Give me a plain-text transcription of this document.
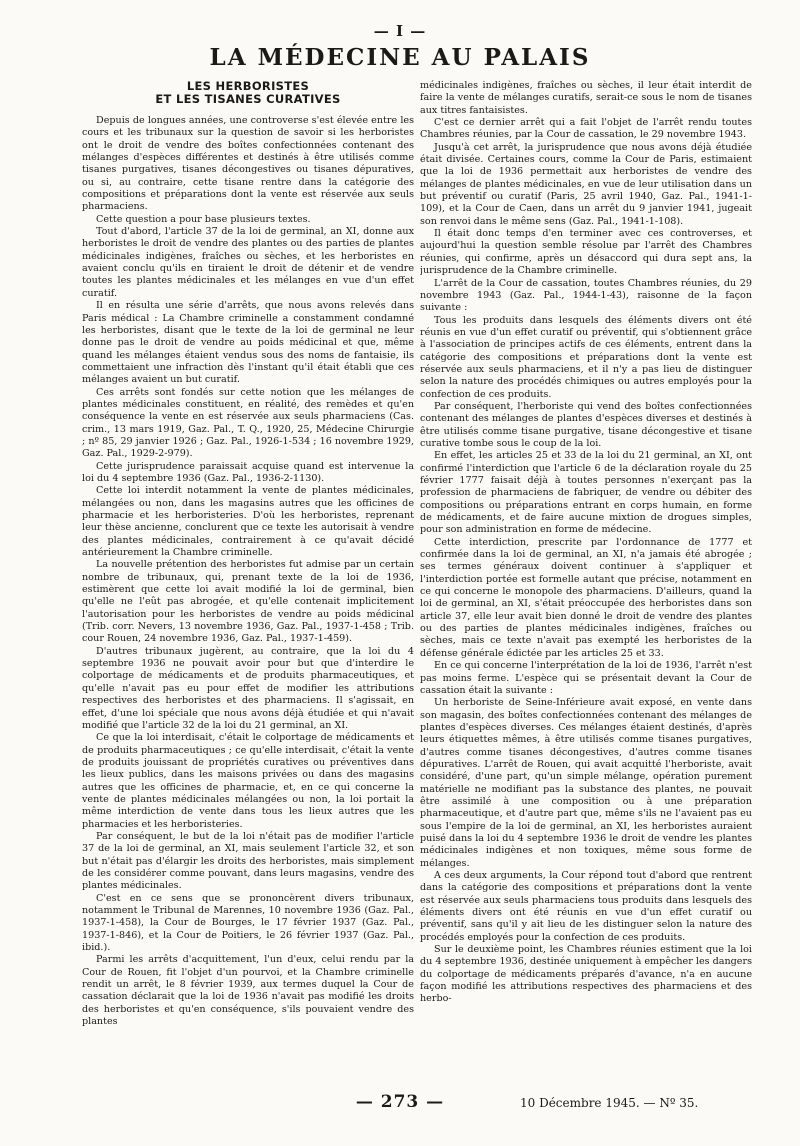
— I —
LA MÉDECINE AU PALAIS
LES HERBORISTES
ET LES TISANES CURATIVES

Depuis de longues années, une controverse s'est élevée entre les cours et les tribunaux sur la question de savoir si les herboristes ont le droit de vendre des boîtes confectionnées contenant des mélanges d'espèces différentes et destinés à être utilisés comme tisanes purgatives, tisanes décongestives ou tisanes dépuratives, ou si, au contraire, cette tisane rentre dans la catégorie des compositions et préparations dont la vente est réservée aux seuls pharmaciens.

Cette question a pour base plusieurs textes.

Tout d'abord, l'article 37 de la loi de germinal, an XI, donne aux herboristes le droit de vendre des plantes ou des parties de plantes médicinales indigènes, fraîches ou sèches, et les herboristes en avaient conclu qu'ils en tiraient le droit de détenir et de vendre toutes les plantes médicinales et les mélanges en vue d'un effet curatif.

Il en résulta une série d'arrêts, que nous avons relevés dans Paris médical : La Chambre criminelle a constamment condamné les herboristes, disant que le texte de la loi de germinal ne leur donne pas le droit de vendre au poids médicinal et que, même quand les mélanges étaient vendus sous des noms de fantaisie, ils commettaient une infraction dès l'instant qu'il était établi que ces mélanges avaient un but curatif.

Ces arrêts sont fondés sur cette notion que les mélanges de plantes médicinales constituent, en réalité, des remèdes et qu'en conséquence la vente en est réservée aux seuls pharmaciens (Cas. crim., 13 mars 1919, Gaz. Pal., T. Q., 1920, 25, Médecine Chirurgie ; nº 85, 29 janvier 1926 ; Gaz. Pal., 1926-1-534 ; 16 novembre 1929, Gaz. Pal., 1929-2-979).

Cette jurisprudence paraissait acquise quand est intervenue la loi du 4 septembre 1936 (Gaz. Pal., 1936-2-1130).

Cette loi interdit notamment la vente de plantes médicinales, mélangées ou non, dans les magasins autres que les officines de pharmacie et les herboristeries. D'où les herboristes, reprenant leur thèse ancienne, conclurent que ce texte les autorisait à vendre des plantes médicinales, contrairement à ce qu'avait décidé antérieurement la Chambre criminelle.

La nouvelle prétention des herboristes fut admise par un certain nombre de tribunaux, qui, prenant texte de la loi de 1936, estimèrent que cette loi avait modifié la loi de germinal, bien qu'elle ne l'eût pas abrogée, et qu'elle contenait implicitement l'autorisation pour les herboristes de vendre au poids médicinal (Trib. corr. Nevers, 13 novembre 1936, Gaz. Pal., 1937-1-458 ; Trib. cour Rouen, 24 novembre 1936, Gaz. Pal., 1937-1-459).

D'autres tribunaux jugèrent, au contraire, que la loi du 4 septembre 1936 ne pouvait avoir pour but que d'interdire le colportage de médicaments et de produits pharmaceutiques, et qu'elle n'avait pas eu pour effet de modifier les attributions respectives des herboristes et des pharmaciens. Il s'agissait, en effet, d'une loi spéciale que nous avons déjà étudiée et qui n'avait modifié que l'article 32 de la loi du 21 germinal, an XI.

Ce que la loi interdisait, c'était le colportage de médicaments et de produits pharmaceutiques ; ce qu'elle interdisait, c'était la vente de produits jouissant de propriétés curatives ou préventives dans les lieux publics, dans les maisons privées ou dans des magasins autres que les officines de pharmacie, et, en ce qui concerne la vente de plantes médicinales mélangées ou non, la loi portait la même interdiction de vente dans tous les lieux autres que les pharmacies et les herboristeries.

Par conséquent, le but de la loi n'était pas de modifier l'article 37 de la loi de germinal, an XI, mais seulement l'article 32, et son but n'était pas d'élargir les droits des herboristes, mais simplement de les considérer comme pouvant, dans leurs magasins, vendre des plantes médicinales.

C'est en ce sens que se prononcèrent divers tribunaux, notamment le Tribunal de Marennes, 10 novembre 1936 (Gaz. Pal., 1937-1-458), la Cour de Bourges, le 17 février 1937 (Gaz. Pal., 1937-1-846), et la Cour de Poitiers, le 26 février 1937 (Gaz. Pal., ibid.).

Parmi les arrêts d'acquittement, l'un d'eux, celui rendu par la Cour de Rouen, fit l'objet d'un pourvoi, et la Chambre criminelle rendit un arrêt, le 8 février 1939, aux termes duquel la Cour de cassation déclarait que la loi de 1936 n'avait pas modifié les droits des herboristes et qu'en conséquence, s'ils pouvaient vendre des plantes

médicinales indigènes, fraîches ou sèches, il leur était interdit de faire la vente de mélanges curatifs, serait-ce sous le nom de tisanes aux titres fantaisistes.

C'est ce dernier arrêt qui a fait l'objet de l'arrêt rendu toutes Chambres réunies, par la Cour de cassation, le 29 novembre 1943.

Jusqu'à cet arrêt, la jurisprudence que nous avons déjà étudiée était divisée. Certaines cours, comme la Cour de Paris, estimaient que la loi de 1936 permettait aux herboristes de vendre des mélanges de plantes médicinales, en vue de leur utilisation dans un but préventif ou curatif (Paris, 25 avril 1940, Gaz. Pal., 1941-1-109), et la Cour de Caen, dans un arrêt du 9 janvier 1941, jugeait son renvoi dans le même sens (Gaz. Pal., 1941-1-108).

Il était donc temps d'en terminer avec ces controverses, et aujourd'hui la question semble résolue par l'arrêt des Chambres réunies, qui confirme, après un désaccord qui dura sept ans, la jurisprudence de la Chambre criminelle.

L'arrêt de la Cour de cassation, toutes Chambres réunies, du 29 novembre 1943 (Gaz. Pal., 1944-1-43), raisonne de la façon suivante :

Tous les produits dans lesquels des éléments divers ont été réunis en vue d'un effet curatif ou préventif, qui s'obtiennent grâce à l'association de principes actifs de ces éléments, entrent dans la catégorie des compositions et préparations dont la vente est réservée aux seuls pharmaciens, et il n'y a pas lieu de distinguer selon la nature des procédés chimiques ou autres employés pour la confection de ces produits.

Par conséquent, l'herboriste qui vend des boîtes confectionnées contenant des mélanges de plantes d'espèces diverses et destinés à être utilisés comme tisane purgative, tisane décongestive et tisane curative tombe sous le coup de la loi.

En effet, les articles 25 et 33 de la loi du 21 germinal, an XI, ont confirmé l'interdiction que l'article 6 de la déclaration royale du 25 février 1777 faisait déjà à toutes personnes n'exerçant pas la profession de pharmaciens de fabriquer, de vendre ou débiter des compositions ou préparations entrant en corps humain, en forme de médicaments, et de faire aucune mixtion de drogues simples, pour son administration en forme de médecine.

Cette interdiction, prescrite par l'ordonnance de 1777 et confirmée dans la loi de germinal, an XI, n'a jamais été abrogée ; ses termes généraux doivent continuer à s'appliquer et l'interdiction portée est formelle autant que précise, notamment en ce qui concerne le monopole des pharmaciens. D'ailleurs, quand la loi de germinal, an XI, s'était préoccupée des herboristes dans son article 37, elle leur avait bien donné le droit de vendre des plantes ou des parties de plantes médicinales indigènes, fraîches ou sèches, mais ce texte n'avait pas exempté les herboristes de la défense générale édictée par les articles 25 et 33.

En ce qui concerne l'interprétation de la loi de 1936, l'arrêt n'est pas moins ferme. L'espèce qui se présentait devant la Cour de cassation était la suivante :

Un herboriste de Seine-Inférieure avait exposé, en vente dans son magasin, des boîtes confectionnées contenant des mélanges de plantes d'espèces diverses. Ces mélanges étaient destinés, d'après leurs étiquettes mêmes, à être utilisés comme tisanes purgatives, d'autres comme tisanes décongestives, d'autres comme tisanes dépuratives. L'arrêt de Rouen, qui avait acquitté l'herboriste, avait considéré, d'une part, qu'un simple mélange, opération purement matérielle ne modifiant pas la substance des plantes, ne pouvait être assimilé à une composition ou à une préparation pharmaceutique, et d'autre part que, même s'ils ne l'avaient pas eu sous l'empire de la loi de germinal, an XI, les herboristes auraient puisé dans la loi du 4 septembre 1936 le droit de vendre les plantes médicinales indigènes et non toxiques, même sous forme de mélanges.

A ces deux arguments, la Cour répond tout d'abord que rentrent dans la catégorie des compositions et préparations dont la vente est réservée aux seuls pharmaciens tous produits dans lesquels des éléments divers ont été réunis en vue d'un effet curatif ou préventif, sans qu'il y ait lieu de les distinguer selon la nature des procédés employés pour la confection de ces produits.

Sur le deuxième point, les Chambres réunies estiment que la loi du 4 septembre 1936, destinée uniquement à empêcher les dangers du colportage de médicaments préparés d'avance, n'a en aucune façon modifié les attributions respectives des pharmaciens et des herbo-

— 273 —	10 Décembre 1945. — Nº 35.
